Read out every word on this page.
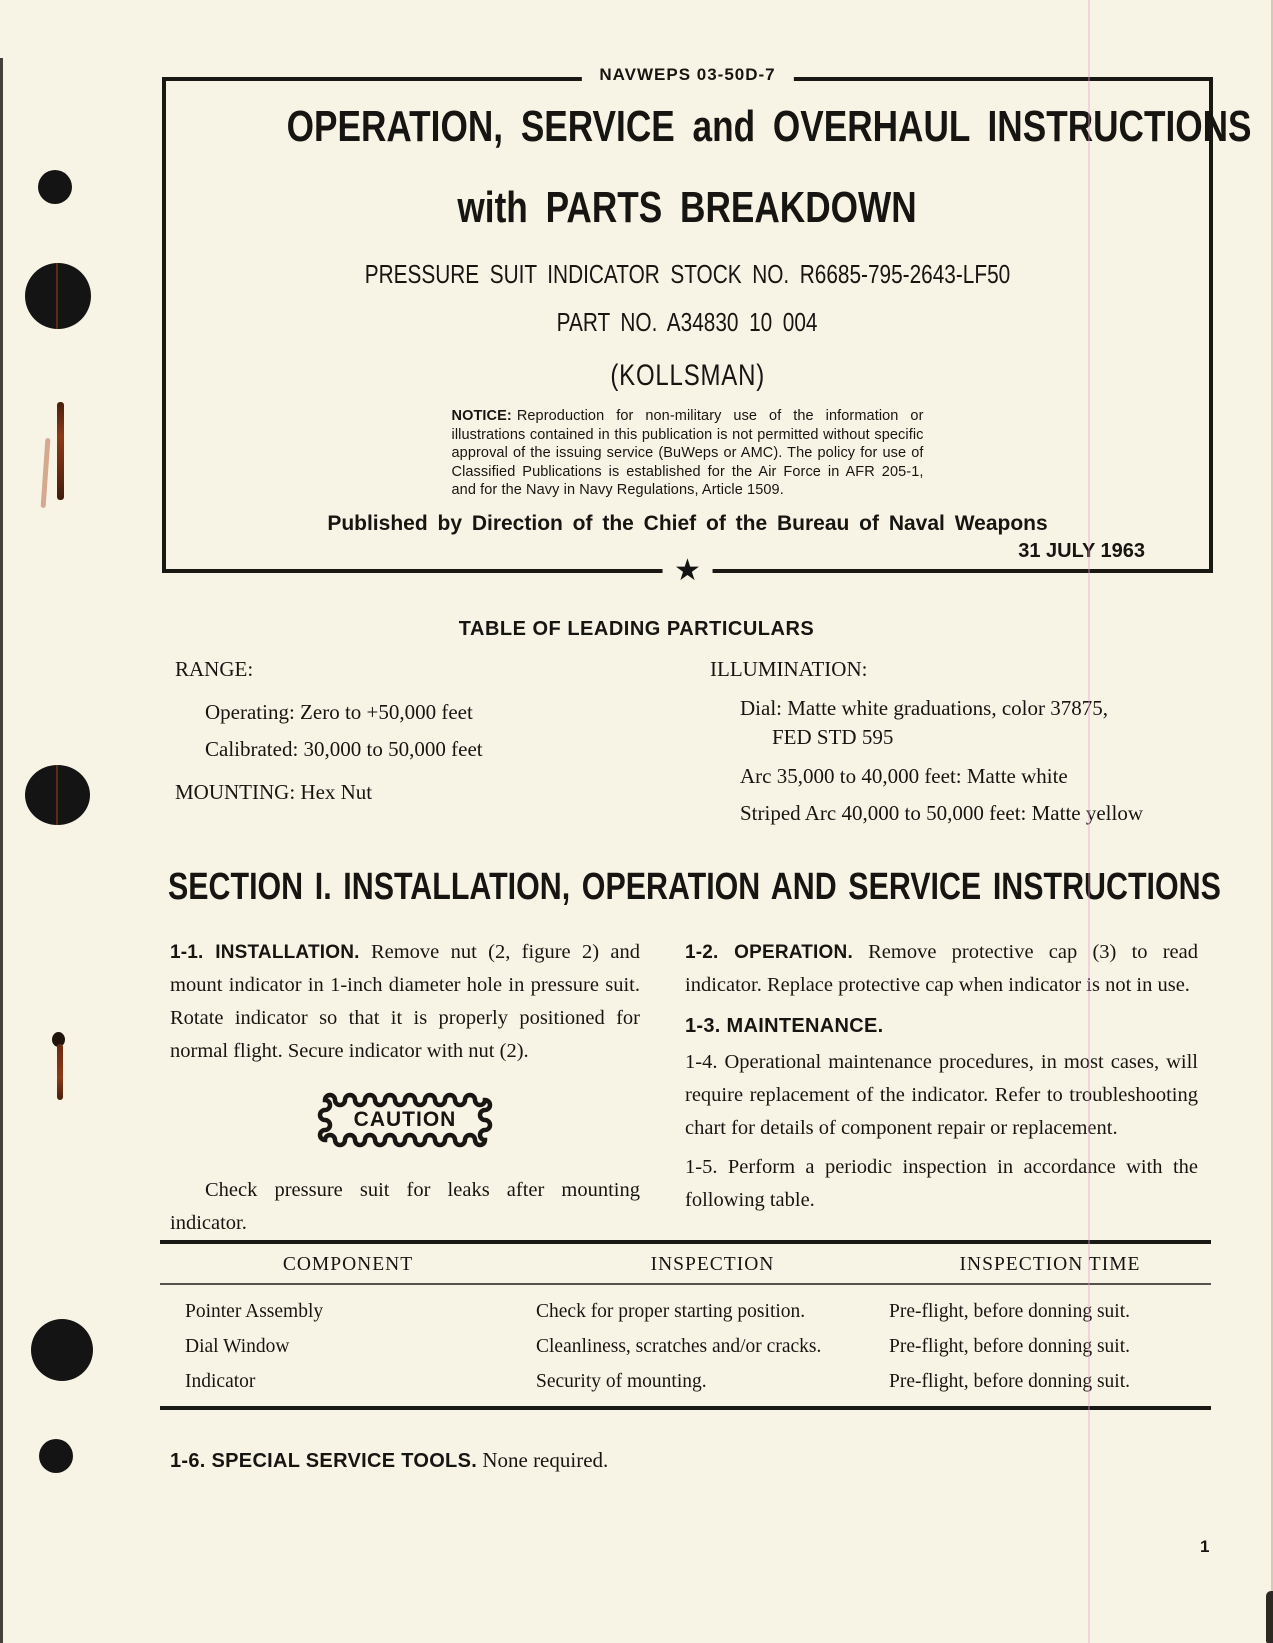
NAVWEPS 03-50D-7
OPERATION, SERVICE and OVERHAUL INSTRUCTIONS
with PARTS BREAKDOWN
PRESSURE SUIT INDICATOR STOCK NO. R6685-795-2643-LF50
PART NO. A34830 10 004
(KOLLSMAN)
NOTICE: Reproduction for non-military use of the information or illustrations contained in this publication is not permitted without specific approval of the issuing service (BuWeps or AMC). The policy for use of Classified Publications is established for the Air Force in AFR 205-1, and for the Navy in Navy Regulations, Article 1509.
Published by Direction of the Chief of the Bureau of Naval Weapons
31 JULY 1963
★
TABLE OF LEADING PARTICULARS
RANGE:
Operating: Zero to +50,000 feet
Calibrated: 30,000 to 50,000 feet
MOUNTING: Hex Nut
ILLUMINATION:
Dial: Matte white graduations, color 37875,
FED STD 595
Arc 35,000 to 40,000 feet: Matte white
Striped Arc 40,000 to 50,000 feet: Matte yellow
SECTION I. INSTALLATION, OPERATION AND SERVICE INSTRUCTIONS

1-1. INSTALLATION. Remove nut (2, figure 2) and mount indicator in 1-inch diameter hole in pressure suit. Rotate indicator so that it is properly positioned for normal flight. Secure indicator with nut (2).

CAUTION

Check pressure suit for leaks after mounting indicator.

1-2. OPERATION. Remove protective cap (3) to read indicator. Replace protective cap when indicator is not in use.

1-3. MAINTENANCE.

1-4. Operational maintenance procedures, in most cases, will require replacement of the indicator. Refer to troubleshooting chart for details of component repair or replacement.

1-5. Perform a periodic inspection in accordance with the following table.

COMPONENT	INSPECTION	INSPECTION TIME
Pointer Assembly	Check for proper starting position.	Pre-flight, before donning suit.
Dial Window	Cleanliness, scratches and/or cracks.	Pre-flight, before donning suit.
Indicator	Security of mounting.	Pre-flight, before donning suit.
1-6. SPECIAL SERVICE TOOLS. None required.
1
